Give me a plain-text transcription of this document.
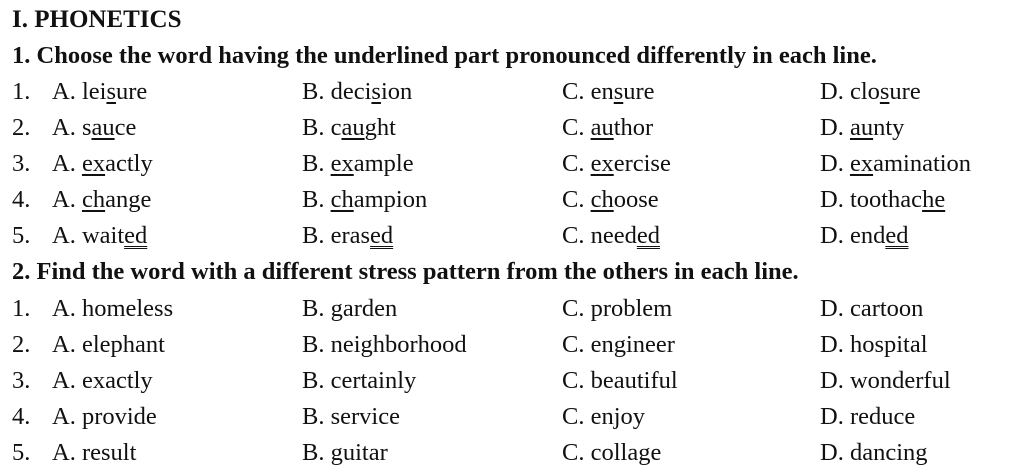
I. PHONETICS
1. Choose the word having the underlined part pronounced differently in each line.
1. A. leisure	B. decision	C. ensure	D. closure
2. A. sauce	B. caught	C. author	D. aunty
3. A. exactly	B. example	C. exercise	D. examination
4. A. change	B. champion	C. choose	D. toothache
5. A. waited	B. erased	C. needed	D. ended
2. Find the word with a different stress pattern from the others in each line.
1. A. homeless	B. garden	C. problem	D. cartoon
2. A. elephant	B. neighborhood	C. engineer	D. hospital
3. A. exactly	B. certainly	C. beautiful	D. wonderful
4. A. provide	B. service	C. enjoy	D. reduce
5. A. result	B. guitar	C. collage	D. dancing
